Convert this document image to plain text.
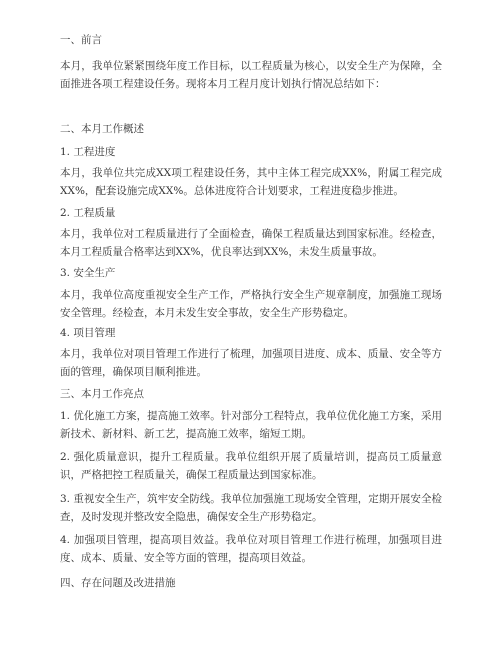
一、前言
本月，我单位紧紧围绕年度工作目标，以工程质量为核心，以安全生产为保障，全面推进各项工程建设任务。现将本月工程月度计划执行情况总结如下：
二、本月工作概述
1. 工程进度
本月，我单位共完成XX项工程建设任务，其中主体工程完成XX%，附属工程完成XX%，配套设施完成XX%。总体进度符合计划要求，工程进度稳步推进。
2. 工程质量
本月，我单位对工程质量进行了全面检查，确保工程质量达到国家标准。经检查，本月工程质量合格率达到XX%，优良率达到XX%，未发生质量事故。
3. 安全生产
本月，我单位高度重视安全生产工作，严格执行安全生产规章制度，加强施工现场安全管理。经检查，本月未发生安全事故，安全生产形势稳定。
4. 项目管理
本月，我单位对项目管理工作进行了梳理，加强项目进度、成本、质量、安全等方面的管理，确保项目顺利推进。
三、本月工作亮点
1. 优化施工方案，提高施工效率。针对部分工程特点，我单位优化施工方案，采用新技术、新材料、新工艺，提高施工效率，缩短工期。
2. 强化质量意识，提升工程质量。我单位组织开展了质量培训，提高员工质量意识，严格把控工程质量关，确保工程质量达到国家标准。
3. 重视安全生产，筑牢安全防线。我单位加强施工现场安全管理，定期开展安全检查，及时发现并整改安全隐患，确保安全生产形势稳定。
4. 加强项目管理，提高项目效益。我单位对项目管理工作进行梳理，加强项目进度、成本、质量、安全等方面的管理，提高项目效益。
四、存在问题及改进措施
